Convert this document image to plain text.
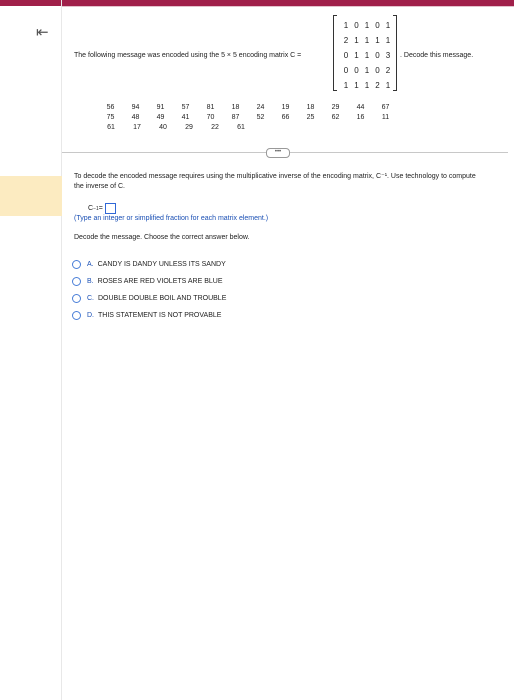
⇤
The following message was encoded using the 5 × 5 encoding matrix C =
1 0 1 0 1
2 1 1 1 1
0 1 1 0 3
0 0 1 0 2
1 1 1 2 1
. Decode this message.
56	94	91	57	81	18	24	19	18	29	44	67
75	48	49	41	70	87	52	66	25	62	16	11
61	17	40	29	22	61
•••
To decode the encoded message requires using the multiplicative inverse of the encoding matrix, C⁻¹. Use technology to compute the inverse of C.
C −1 =
(Type an integer or simplified fraction for each matrix element.)
Decode the message. Choose the correct answer below.
A. CANDY IS DANDY UNLESS ITS SANDY
B. ROSES ARE RED VIOLETS ARE BLUE
C. DOUBLE DOUBLE BOIL AND TROUBLE
D. THIS STATEMENT IS NOT PROVABLE
